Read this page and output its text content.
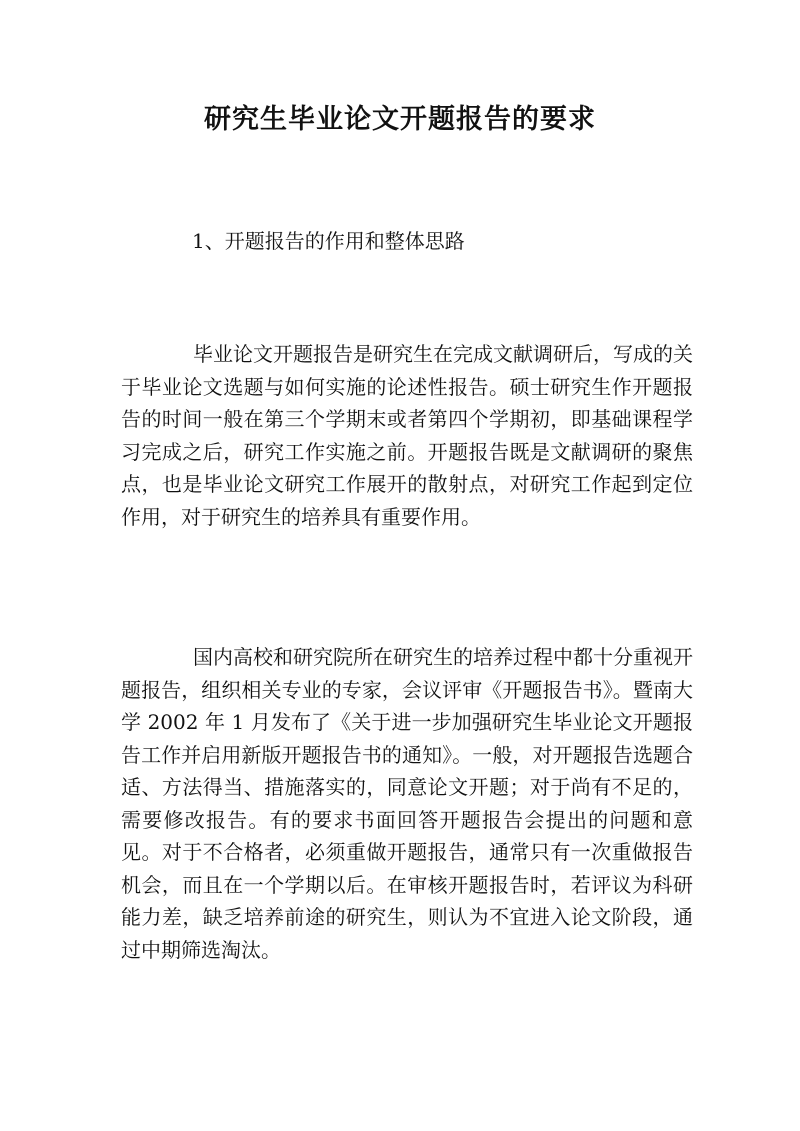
研究生毕业论文开题报告的要求
1、开题报告的作用和整体思路

毕业论文开题报告是研究生在完成文献调研后，写成的关于毕业论文选题与如何实施的论述性报告。硕士研究生作开题报告的时间一般在第三个学期末或者第四个学期初，即基础课程学习完成之后，研究工作实施之前。开题报告既是文献调研的聚焦点，也是毕业论文研究工作展开的散射点，对研究工作起到定位作用，对于研究生的培养具有重要作用。

国内高校和研究院所在研究生的培养过程中都十分重视开题报告，组织相关专业的专家，会议评审《开题报告书》。暨南大学 2002 年 1 月发布了《关于进一步加强研究生毕业论文开题报告工作并启用新版开题报告书的通知》。一般，对开题报告选题合适、方法得当、措施落实的，同意论文开题；对于尚有不足的，需要修改报告。有的要求书面回答开题报告会提出的问题和意见。对于不合格者，必须重做开题报告，通常只有一次重做报告机会，而且在一个学期以后。在审核开题报告时，若评议为科研能力差，缺乏培养前途的研究生，则认为不宜进入论文阶段，通过中期筛选淘汰。
